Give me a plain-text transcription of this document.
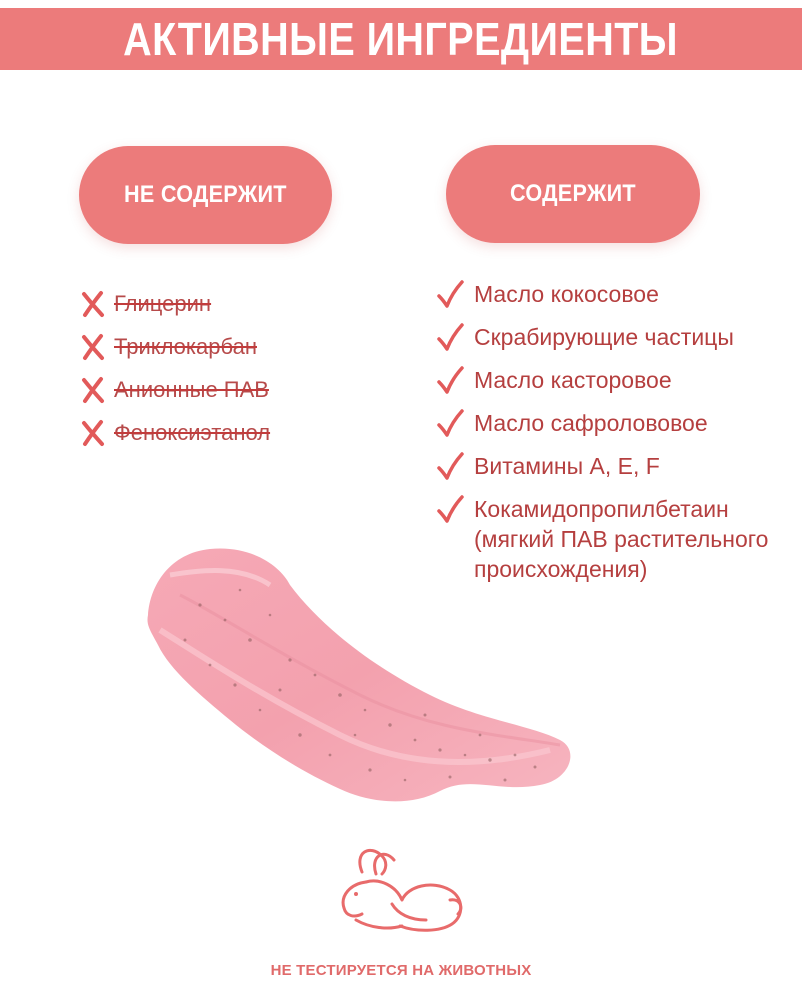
АКТИВНЫЕ ИНГРЕДИЕНТЫ
НЕ СОДЕРЖИТ	СОДЕРЖИТ
Глицерин
Триклокарбан
Анионные ПАВ
Феноксиэтанол
Масло кокосовое
Скрабирующие частицы
Масло касторовое
Масло сафролововое
Витамины A, E, F
Кокамидопропилбетаин
(мягкий ПАВ растительного
происхождения)
НЕ ТЕСТИРУЕТСЯ НА ЖИВОТНЫХ
